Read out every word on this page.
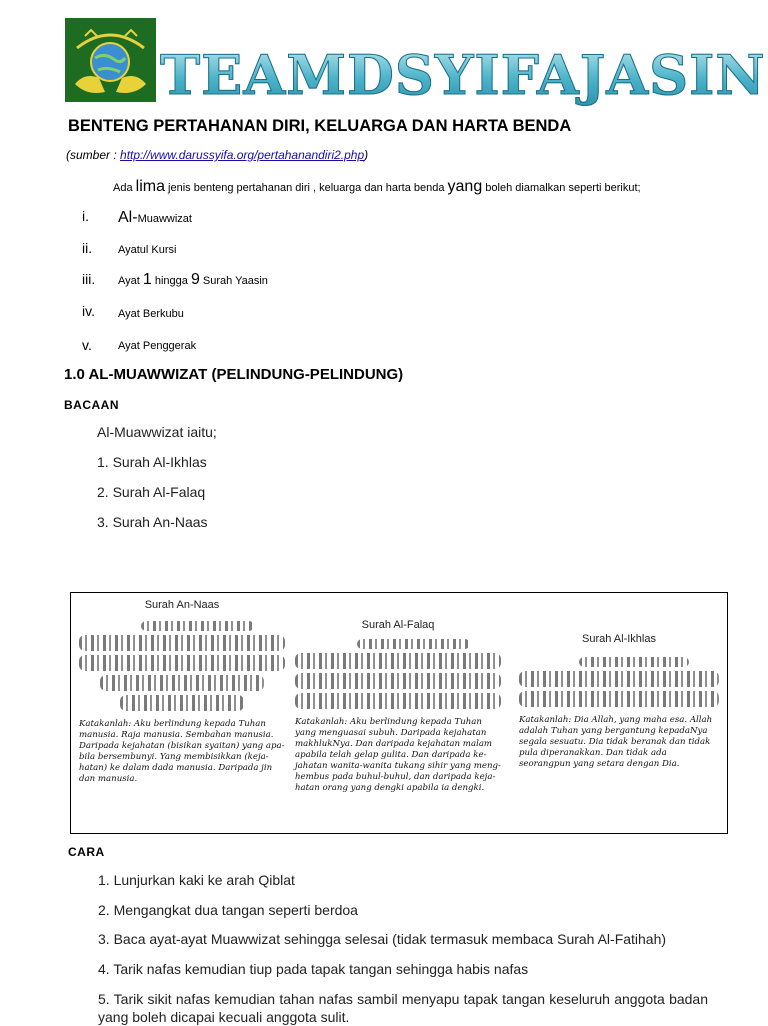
TEAMDSYIFAJASIN
BENTENG PERTAHANAN DIRI, KELUARGA DAN HARTA BENDA
(sumber : http://www.darussyifa.org/pertahanandiri2.php)
Ada lima jenis benteng pertahanan diri , keluarga dan harta benda yang boleh diamalkan seperti berikut;
i. Al-Muawwizat
ii. Ayatul Kursi
iii. Ayat 1 hingga 9 Surah Yaasin
iv. Ayat Berkubu
v. Ayat Penggerak
1.0 AL-MUAWWIZAT (PELINDUNG-PELINDUNG)
BACAAN
Al-Muawwizat iaitu;
1. Surah Al-Ikhlas
2. Surah Al-Falaq
3. Surah An-Naas
Surah An-Naas
Katakanlah: Aku berlindung kepada Tuhan manusia. Raja manusia. Sembahan manusia. Daripada kejahatan (bisikan syaitan) yang apa-bila bersembunyi. Yang membisikkan (keja-hatan) ke dalam dada manusia. Daripada jin dan manusia.
Surah Al-Falaq
Katakanlah: Aku berlindung kepada Tuhan yang menguasai subuh. Daripada kejahatan makhlukNya. Dan daripada kejahatan malam apabila telah gelap gulita. Dan daripada ke-jahatan wanita-wanita tukang sihir yang meng-hembus pada buhul-buhul, dan daripada keja-hatan orang yang dengki apabila ia dengki.
Surah Al-Ikhlas
Katakanlah: Dia Allah, yang maha esa. Allah adalah Tuhan yang bergantung kepadaNya segala sesuatu. Dia tidak beranak dan tidak pula diperanakkan. Dan tidak ada seorangpun yang setara dengan Dia.
CARA
1. Lunjurkan kaki ke arah Qiblat
2. Mengangkat dua tangan seperti berdoa
3. Baca ayat-ayat Muawwizat sehingga selesai (tidak termasuk membaca Surah Al-Fatihah)
4. Tarik nafas kemudian tiup pada tapak tangan sehingga habis nafas
5. Tarik sikit nafas kemudian tahan nafas sambil menyapu tapak tangan keseluruh anggota badan yang boleh dicapai kecuali anggota sulit.
